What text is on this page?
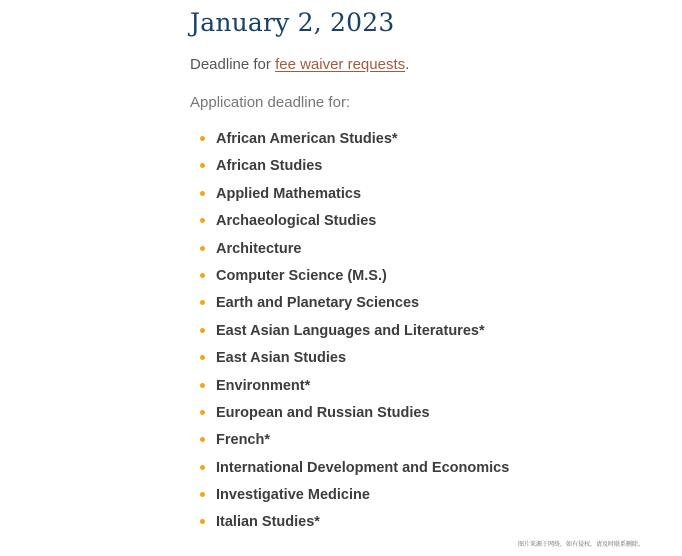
January 2, 2023

Deadline for fee waiver requests.

Application deadline for:

African American Studies*
African Studies
Applied Mathematics
Archaeological Studies
Architecture
Computer Science (M.S.)
Earth and Planetary Sciences
East Asian Languages and Literatures*
East Asian Studies
Environment*
European and Russian Studies
French*
International Development and Economics
Investigative Medicine
Italian Studies*
图片来源于网络，如有侵权，请及时联系删除。
